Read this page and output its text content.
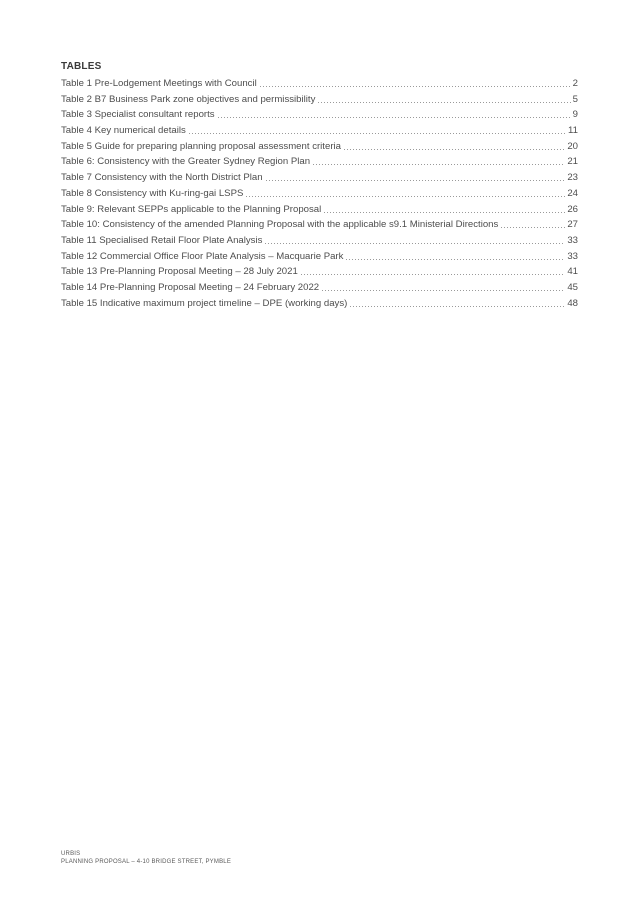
TABLES
Table 1 Pre-Lodgement Meetings with Council	2
Table 2 B7 Business Park zone objectives and permissibility	5
Table 3 Specialist consultant reports	9
Table 4 Key numerical details	11
Table 5 Guide for preparing planning proposal assessment criteria	20
Table 6: Consistency with the Greater Sydney Region Plan	21
Table 7 Consistency with the North District Plan	23
Table 8 Consistency with Ku-ring-gai LSPS	24
Table 9: Relevant SEPPs applicable to the Planning Proposal	26
Table 10: Consistency of the amended Planning Proposal with the applicable s9.1 Ministerial Directions	27
Table 11 Specialised Retail Floor Plate Analysis	33
Table 12 Commercial Office Floor Plate Analysis – Macquarie Park	33
Table 13 Pre-Planning Proposal Meeting – 28 July 2021	41
Table 14 Pre-Planning Proposal Meeting – 24 February 2022	45
Table 15 Indicative maximum project timeline – DPE (working days)	48
URBIS
PLANNING PROPOSAL – 4-10 BRIDGE STREET, PYMBLE
